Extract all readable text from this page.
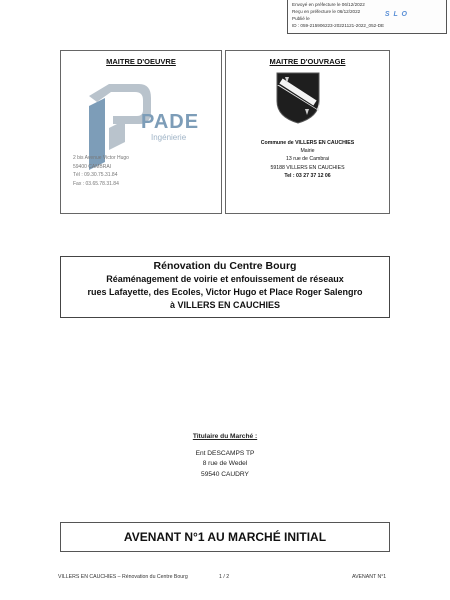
Envoyé en préfecture le 06/12/2022
Reçu en préfecture le 06/12/2022
Publié le
ID : 059-215906223-20221121-2022_052-DE
S L O
MAITRE D'OEUVRE
PADE
Ingénierie
2 bis Avenue Victor Hugo
59400 CAMBRAI
Tél : 09.30.75.31.84
Fax : 03.65.78.31.84
MAITRE D'OUVRAGE
Commune de VILLERS EN CAUCHIES
Mairie
13 rue de Cambrai
59188 VILLERS EN CAUCHIES
Tel : 03 27 37 12 06
Rénovation du Centre Bourg
Réaménagement de voirie et enfouissement de réseaux
rues Lafayette, des Ecoles, Victor Hugo et Place Roger Salengro
à VILLERS EN CAUCHIES
Titulaire du Marché :
Ent DESCAMPS TP
8 rue de Wedel
59540 CAUDRY
AVENANT N°1 AU MARCHÉ INITIAL
VILLERS EN CAUCHIES – Rénovation du Centre Bourg	1 / 2	AVENANT N°1
